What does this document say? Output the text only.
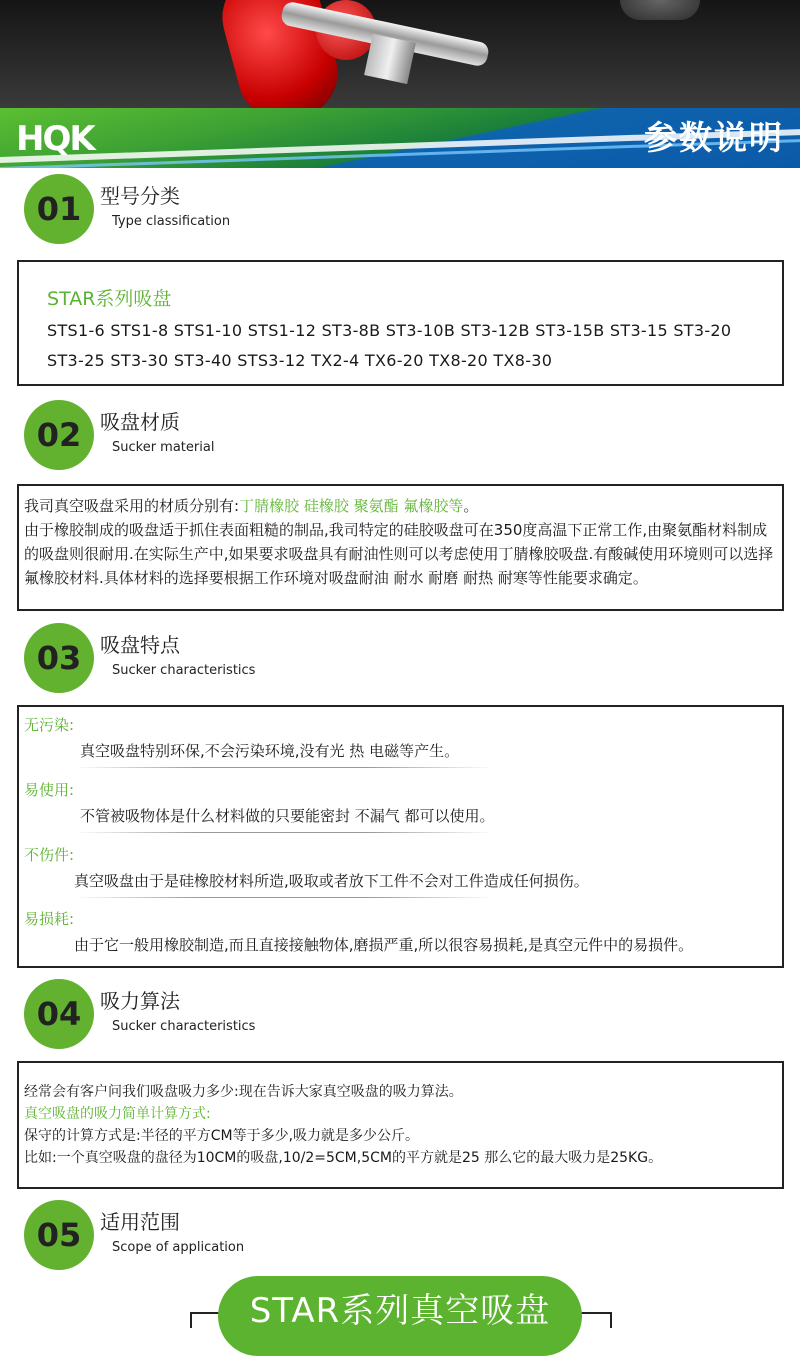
HQK	参数说明
01 型号分类
Type classification
STAR系列吸盘
STS1-6 STS1-8 STS1-10 STS1-12 ST3-8B ST3-10B ST3-12B ST3-15B ST3-15 ST3-20
ST3-25 ST3-30 ST3-40 STS3-12 TX2-4 TX6-20 TX8-20 TX8-30
02 吸盘材质
Sucker material
我司真空吸盘采用的材质分别有:丁腈橡胶 硅橡胶 聚氨酯 氟橡胶等。
由于橡胶制成的吸盘适于抓住表面粗糙的制品,我司特定的硅胶吸盘可在350度高温下正常工作,由聚氨酯材料制成的吸盘则很耐用.在实际生产中,如果要求吸盘具有耐油性则可以考虑使用丁腈橡胶吸盘.有酸碱使用环境则可以选择氟橡胶材料.具体材料的选择要根据工作环境对吸盘耐油 耐水 耐磨 耐热 耐寒等性能要求确定。
03 吸盘特点
Sucker characteristics
无污染:
真空吸盘特别环保,不会污染环境,没有光 热 电磁等产生。
易使用:
不管被吸物体是什么材料做的只要能密封 不漏气 都可以使用。
不伤件:
真空吸盘由于是硅橡胶材料所造,吸取或者放下工件不会对工件造成任何损伤。
易损耗:
由于它一般用橡胶制造,而且直接接触物体,磨损严重,所以很容易损耗,是真空元件中的易损件。
04 吸力算法
Sucker characteristics
经常会有客户问我们吸盘吸力多少:现在告诉大家真空吸盘的吸力算法。
真空吸盘的吸力简单计算方式:
保守的计算方式是:半径的平方CM等于多少,吸力就是多少公斤。
比如:一个真空吸盘的盘径为10CM的吸盘,10/2=5CM,5CM的平方就是25 那么它的最大吸力是25KG。
05 适用范围
Scope of application
STAR系列真空吸盘
